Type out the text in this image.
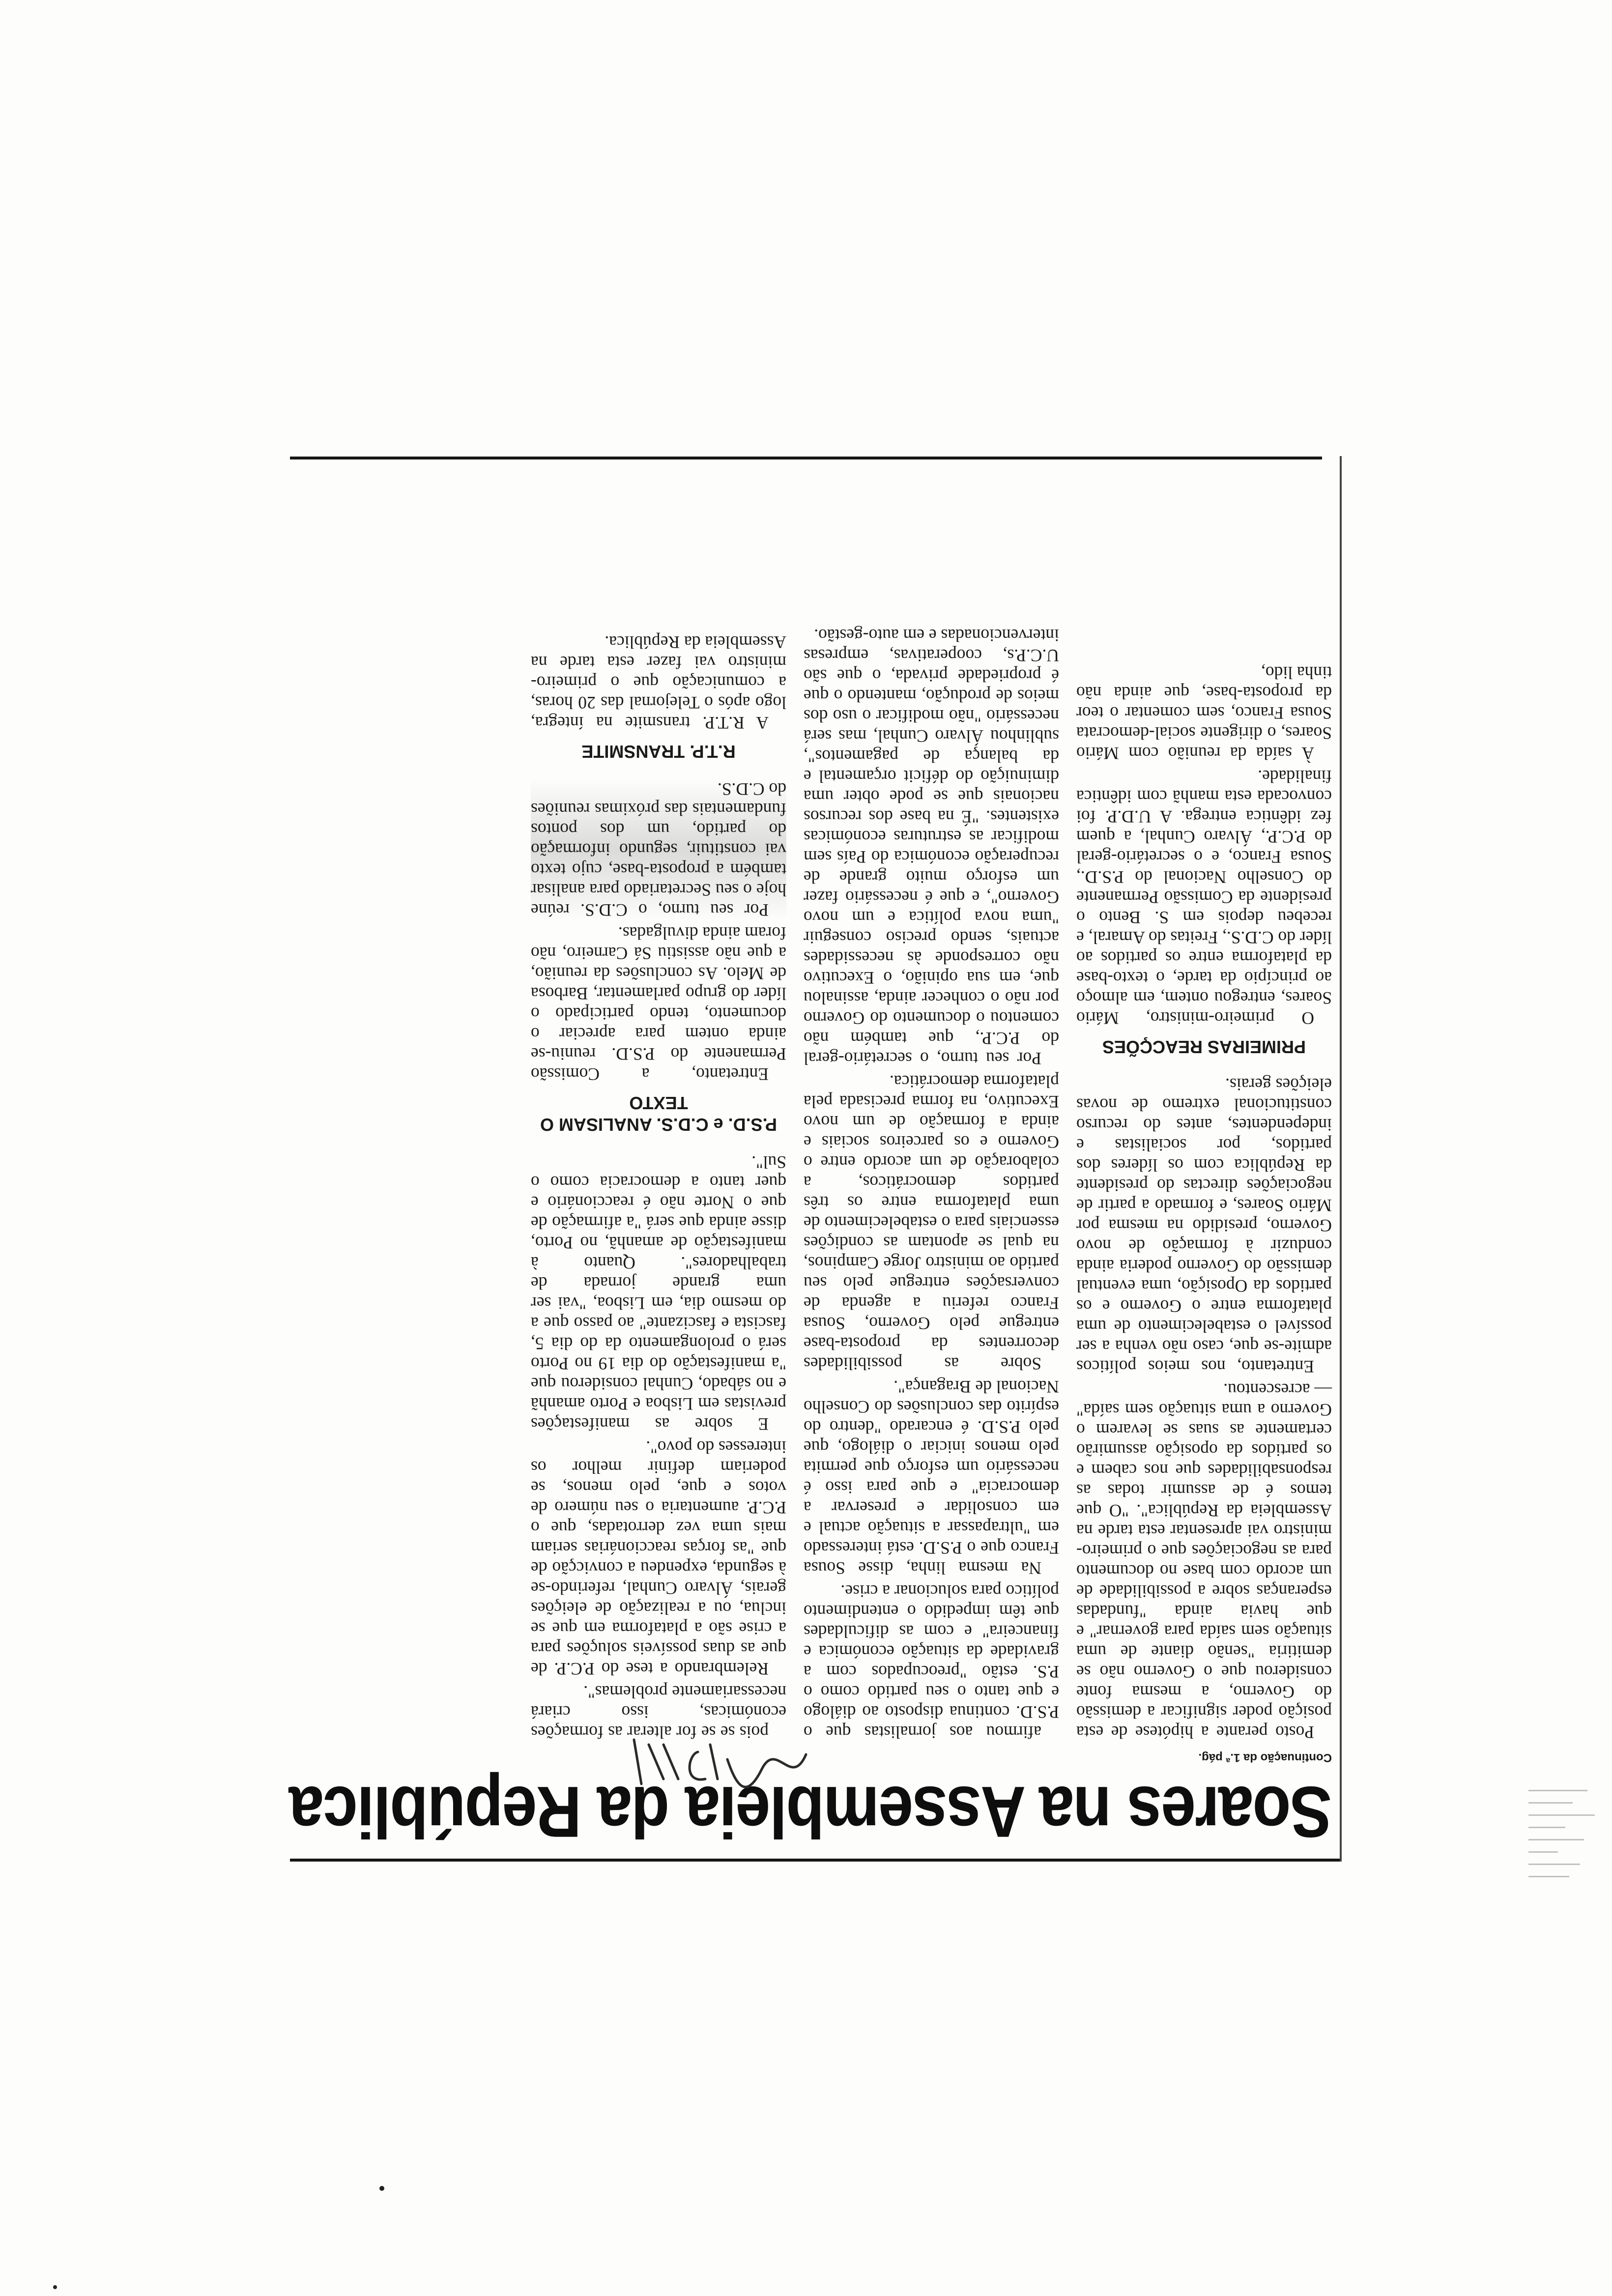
Soares na Assembleia da República
Continuação da 1.ª pág.

Posto perante a hipótese de esta posição poder significar a demissão do Governo, a mesma fonte considerou que o Governo não se demitiria "senão diante de uma situação sem saída para governar" e que havia ainda "fundadas esperanças sobre a possibilidade de um acordo com base no documento para as negociações que o primeiro-ministro vai apresentar esta tarde na Assembleia da República". "O que temos é de assumir todas as responsabilidades que nos cabem e os partidos da oposição assumirão certamente as suas se levarem o Governo a uma situação sem saída" — acrescentou.

Entretanto, nos meios políticos admite-se que, caso não venha a ser possível o estabelecimento de uma plataforma entre o Governo e os partidos da Oposição, uma eventual demissão do Governo poderia ainda conduzir à formação de novo Governo, presidido na mesma por Mário Soares, e formado a partir de negociações directas do presidente da República com os líderes dos partidos, por socialistas e independentes, antes do recurso constitucional extremo de novas eleições gerais.

PRIMEIRAS REACÇÕES

O primeiro-ministro, Mário Soares, entregou ontem, em almoço ao princípio da tarde, o texto-base da plataforma entre os partidos ao líder do C.D.S., Freitas do Amaral, e recebeu depois em S. Bento o presidente da Comissão Permanente do Conselho Nacional do P.S.D., Sousa Franco, e o secretário-geral do P.C.P., Álvaro Cunhal, a quem fez idêntica entrega. A U.D.P. foi convocada esta manhã com idêntica finalidade.

À saída da reunião com Mário Soares, o dirigente social-democrata Sousa Franco, sem comentar o teor da proposta-base, que ainda não tinha lido,

afirmou aos jornalistas que o P.S.D. continua disposto ao diálogo e que tanto o seu partido como o P.S. estão "preocupados com a gravidade da situação económica e financeira" e com as dificuldades que têm impedido o entendimento político para solucionar a crise.

Na mesma linha, disse Sousa Franco que o P.S.D. está interessado em "ultrapassar a situação actual e em consolidar e preservar a democracia" e que para isso é necessário um esforço que permita pelo menos iniciar o diálogo, que pelo P.S.D. é encarado "dentro do espírito das conclusões do Conselho Nacional de Bragança".

Sobre as possibilidades decorrentes da proposta-base entregue pelo Governo, Sousa Franco referiu a agenda de conversações entregue pelo seu partido ao ministro Jorge Campinos, na qual se apontam as condições essenciais para o estabelecimento de uma plataforma entre os três partidos democráticos, a colaboração de um acordo entre o Governo e os parceiros sociais e ainda a formação de um novo Executivo, na forma precisada pela plataforma democrática.

Por seu turno, o secretário-geral do P.C.P., que também não comentou o documento do Governo por não o conhecer ainda, assinalou que, em sua opinião, o Executivo não corresponde às necessidades actuais, sendo preciso conseguir "uma nova política e um novo Governo", e que é necessário fazer um esforço muito grande de recuperação económica do País sem modificar as estruturas económicas existentes. "É na base dos recursos nacionais que se pode obter uma diminuição do déficit orçamental e da balança de pagamentos", sublinhou Álvaro Cunhal, mas será necessário "não modificar o uso dos meios de produção, mantendo o que é propriedade privada, o que são U.C.P.s, cooperativas, empresas intervencionadas e em auto-gestão.

pois se se for alterar as formações económicas, isso criará necessariamente problemas".

Relembrando a tese do P.C.P. de que as duas possíveis soluções para a crise são a plataforma em que se inclua, ou a realização de eleições gerais, Álvaro Cunhal, referindo-se à segunda, expendeu a convicção de que "as forças reaccionárias seriam mais uma vez derrotadas, que o P.C.P. aumentaria o seu número de votos e que, pelo menos, se poderiam definir melhor os interesses do povo".

E sobre as manifestações previstas em Lisboa e Porto amanhã e no sábado, Cunhal considerou que "a manifestação do dia 19 no Porto será o prolongamento da do dia 5, fascista e fascizante" ao passo que a do mesmo dia, em Lisboa, "vai ser uma grande jornada de trabalhadores". Quanto à manifestação de amanhã, no Porto, disse ainda que será "a afirmação de que o Norte não é reaccionário e quer tanto a democracia como o Sul".

P.S.D. e C.D.S. ANALISAM O TEXTO

Entretanto, a Comissão Permanente do P.S.D. reuniu-se ainda ontem para apreciar o documento, tendo participado o líder do grupo parlamentar, Barbosa de Melo. As conclusões da reunião, a que não assistiu Sá Carneiro, não foram ainda divulgadas.

Por seu turno, o C.D.S. reúne hoje o seu Secretariado para analisar também a proposta-base, cujo texto vai constituir, segundo informação do partido, um dos pontos fundamentais das próximas reuniões do C.D.S.

R.T.P. TRANSMITE

A R.T.P. transmite na íntegra, logo após o Telejornal das 20 horas, a comunicação que o primeiro-ministro vai fazer esta tarde na Assembleia da República.
